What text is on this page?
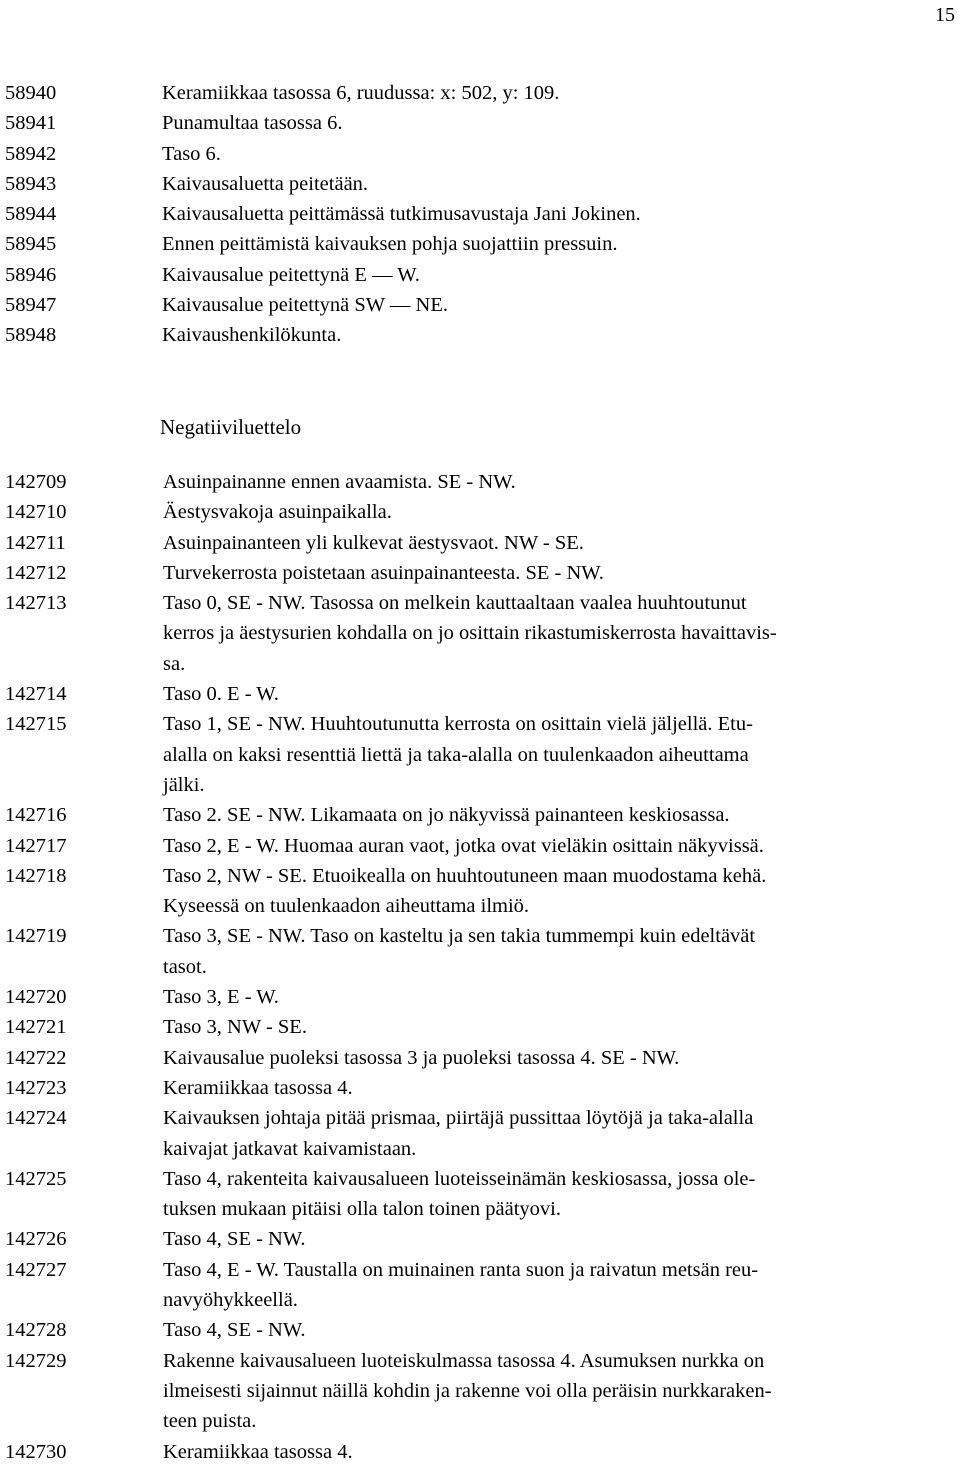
15
58940	Keramiikkaa tasossa 6, ruudussa: x: 502, y: 109.
58941	Punamultaa tasossa 6.
58942	Taso 6.
58943	Kaivausaluetta peitetään.
58944	Kaivausaluetta peittämässä tutkimusavustaja Jani Jokinen.
58945	Ennen peittämistä kaivauksen pohja suojattiin pressuin.
58946	Kaivausalue peitettynä E — W.
58947	Kaivausalue peitettynä SW — NE.
58948	Kaivaushenkilökunta.
Negatiiviluettelo
142709	Asuinpainanne ennen avaamista. SE - NW.
142710	Äestysvakoja asuinpaikalla.
142711	Asuinpainanteen yli kulkevat äestysvaot. NW - SE.
142712	Turvekerrosta poistetaan asuinpainanteesta. SE - NW.
142713	Taso 0, SE - NW. Tasossa on melkein kauttaaltaan vaalea huuhtoutunut
kerros ja äestysurien kohdalla on jo osittain rikastumiskerrosta havaittavis-
sa.
142714	Taso 0. E - W.
142715	Taso 1, SE - NW. Huuhtoutunutta kerrosta on osittain vielä jäljellä. Etu-
alalla on kaksi resenttiä liettä ja taka-alalla on tuulenkaadon aiheuttama
jälki.
142716	Taso 2. SE - NW. Likamaata on jo näkyvissä painanteen keskiosassa.
142717	Taso 2, E - W. Huomaa auran vaot, jotka ovat vieläkin osittain näkyvissä.
142718	Taso 2, NW - SE. Etuoikealla on huuhtoutuneen maan muodostama kehä.
Kyseessä on tuulenkaadon aiheuttama ilmiö.
142719	Taso 3, SE - NW. Taso on kasteltu ja sen takia tummempi kuin edeltävät
tasot.
142720	Taso 3, E - W.
142721	Taso 3, NW - SE.
142722	Kaivausalue puoleksi tasossa 3 ja puoleksi tasossa 4. SE - NW.
142723	Keramiikkaa tasossa 4.
142724	Kaivauksen johtaja pitää prismaa, piirtäjä pussittaa löytöjä ja taka-alalla
kaivajat jatkavat kaivamistaan.
142725	Taso 4, rakenteita kaivausalueen luoteisseinämän keskiosassa, jossa ole-
tuksen mukaan pitäisi olla talon toinen päätyovi.
142726	Taso 4, SE - NW.
142727	Taso 4, E - W. Taustalla on muinainen ranta suon ja raivatun metsän reu-
navyöhykkeellä.
142728	Taso 4, SE - NW.
142729	Rakenne kaivausalueen luoteiskulmassa tasossa 4. Asumuksen nurkka on
ilmeisesti sijainnut näillä kohdin ja rakenne voi olla peräisin nurkkaraken-
teen puista.
142730	Keramiikkaa tasossa 4.
